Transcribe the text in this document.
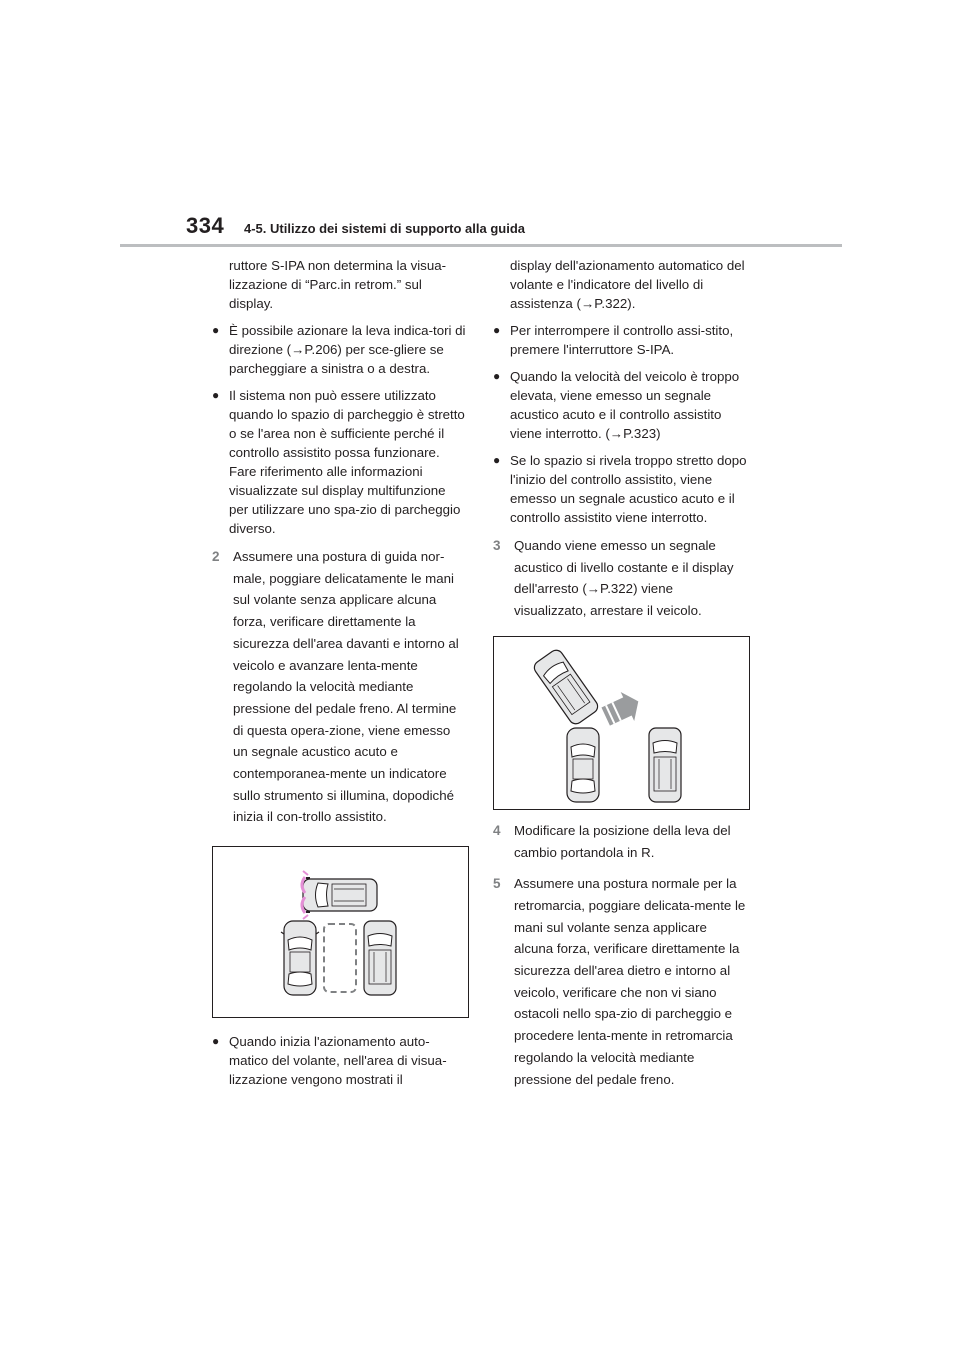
334 4-5. Utilizzo dei sistemi di supporto alla guida

ruttore S-IPA non determina la visua-lizzazione di “Parc.in retrom.” sul display.

● È possibile azionare la leva indica-tori di direzione (→P.206) per sce-gliere se parcheggiare a sinistra o a destra.

● Il sistema non può essere utilizzato quando lo spazio di parcheggio è stretto o se l'area non è sufficiente perché il controllo assistito possa funzionare. Fare riferimento alle informazioni visualizzate sul display multifunzione per utilizzare uno spa-zio di parcheggio diverso.

2	Assumere una postura di guida nor-male, poggiare delicatamente le mani sul volante senza applicare alcuna forza, verificare direttamente la sicurezza dell'area davanti e intorno al veicolo e avanzare lenta-mente regolando la velocità mediante pressione del pedale freno. Al termine di questa opera-zione, viene emesso un segnale acustico acuto e contemporanea-mente un indicatore sullo strumento si illumina, dopodiché inizia il con-trollo assistito.

● Quando inizia l'azionamento auto-matico del volante, nell'area di visua-lizzazione vengono mostrati il

display dell'azionamento automatico del volante e l'indicatore del livello di assistenza (→P.322).

● Per interrompere il controllo assi-stito, premere l'interruttore S-IPA.

● Quando la velocità del veicolo è troppo elevata, viene emesso un segnale acustico acuto e il controllo assistito viene interrotto. (→P.323)

● Se lo spazio si rivela troppo stretto dopo l'inizio del controllo assistito, viene emesso un segnale acustico acuto e il controllo assistito viene interrotto.

3	Quando viene emesso un segnale acustico di livello costante e il display dell'arresto (→P.322) viene visualizzato, arrestare il veicolo.

4	Modificare la posizione della leva del cambio portandola in R.

5	Assumere una postura normale per la retromarcia, poggiare delicata-mente le mani sul volante senza applicare alcuna forza, verificare direttamente la sicurezza dell'area dietro e intorno al veicolo, verificare che non vi siano ostacoli nello spa-zio di parcheggio e procedere lenta-mente in retromarcia regolando la velocità mediante pressione del pedale freno.
